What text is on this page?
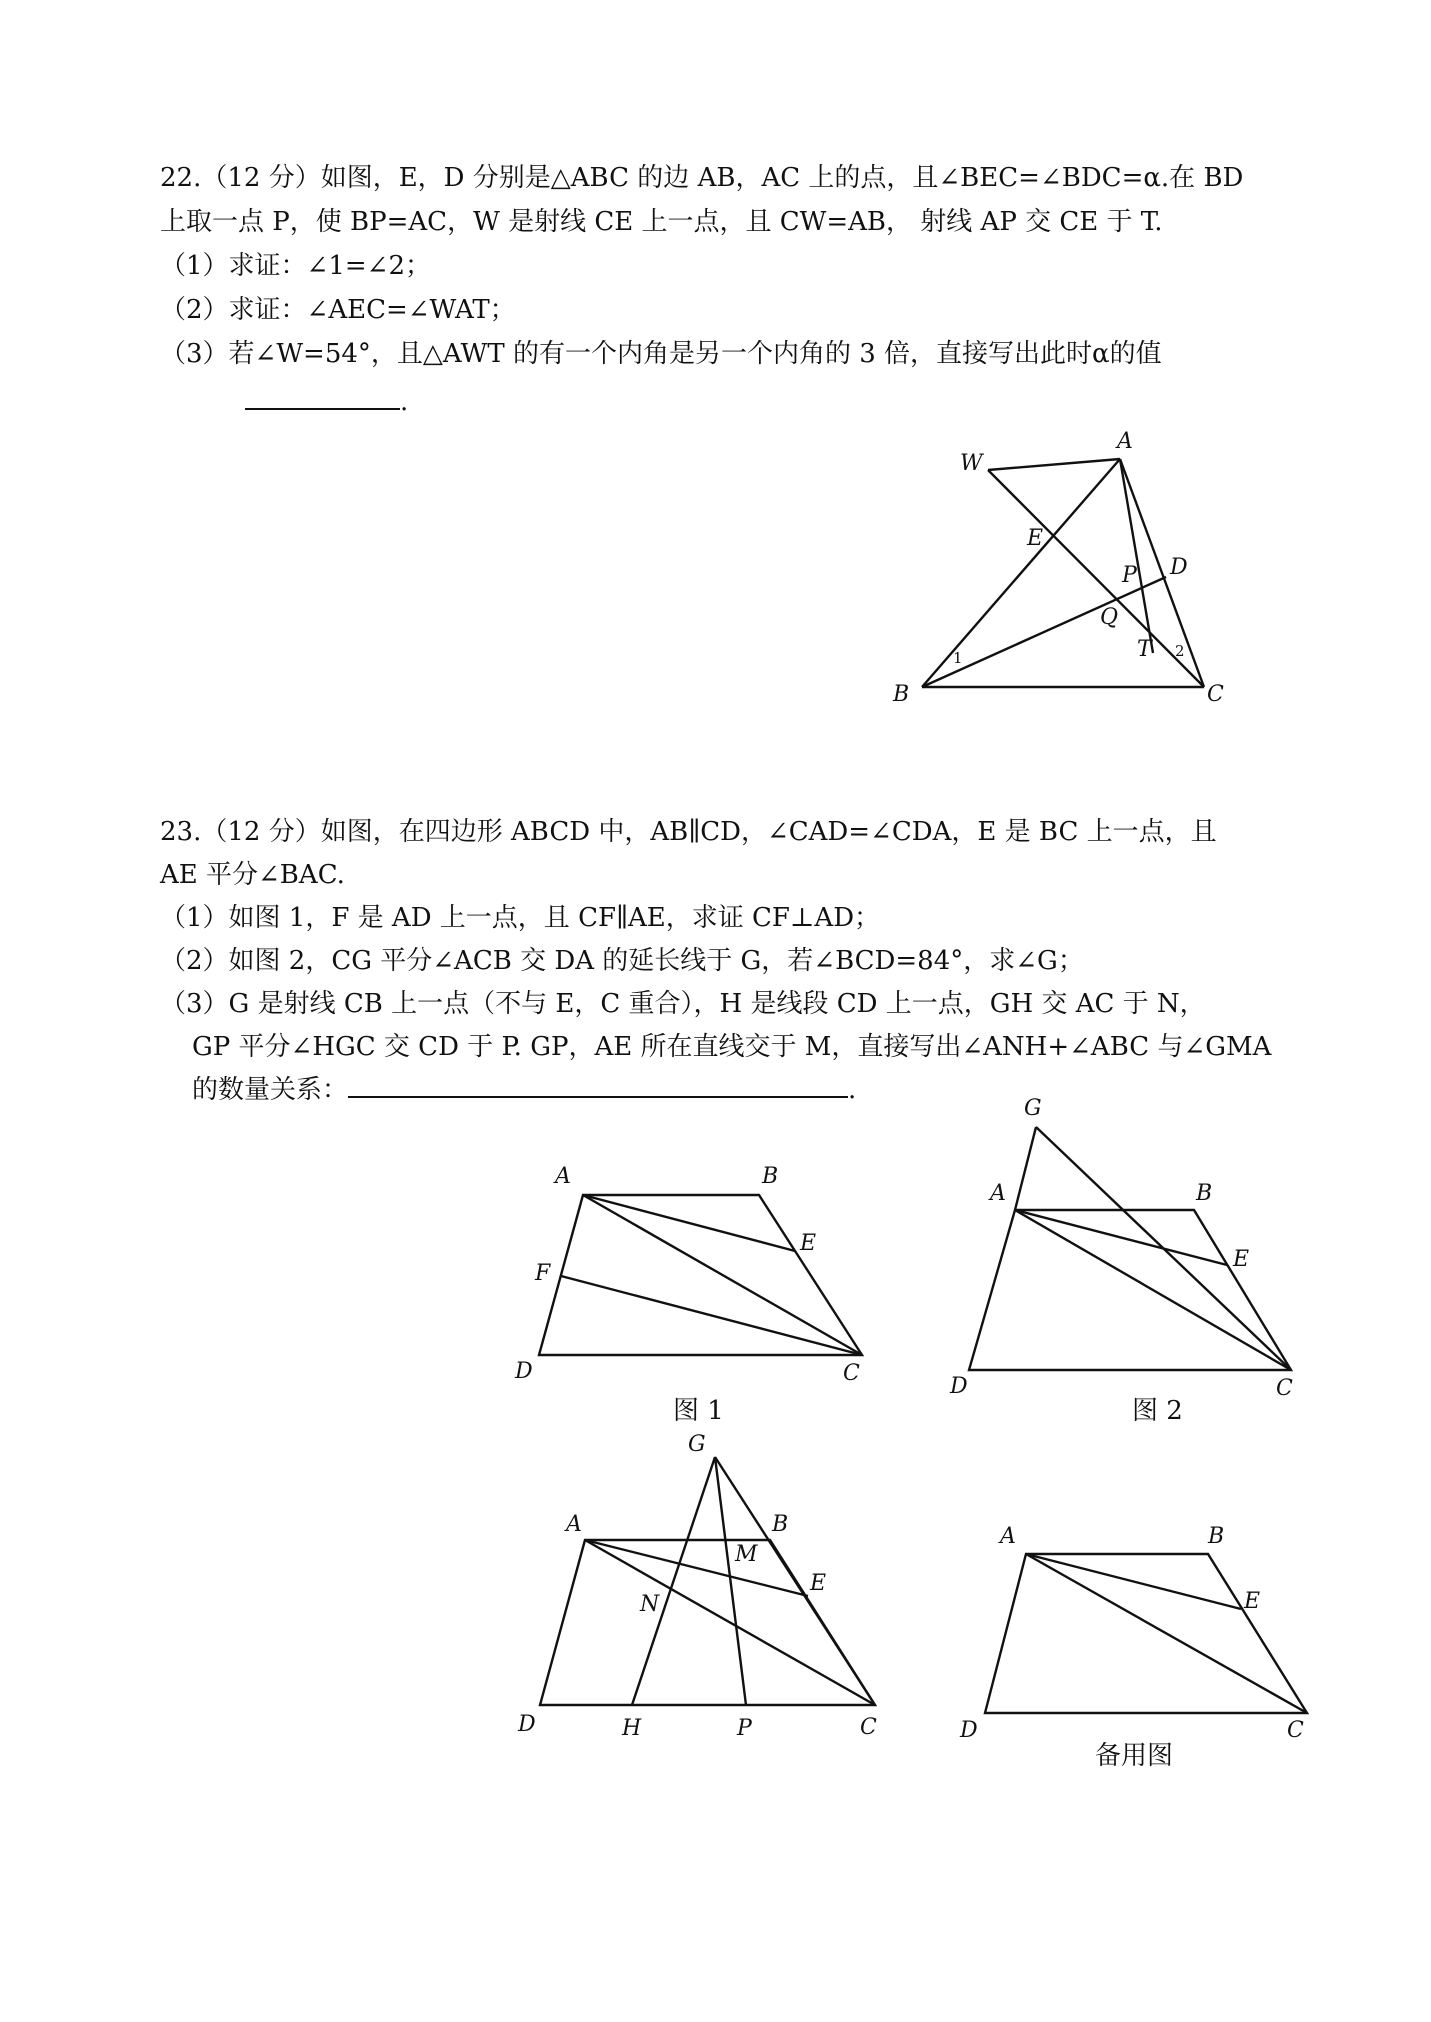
22.（12 分）如图，E，D 分别是△ABC 的边 AB，AC 上的点，且∠BEC=∠BDC=α.在 BD
上取一点 P，使 BP=AC，W 是射线 CE 上一点，且 CW=AB， 射线 AP 交 CE 于 T.
（1）求证：∠1=∠2；
（2）求证：∠AEC=∠WAT；
（3）若∠W=54°，且△AWT 的有一个内角是另一个内角的 3 倍，直接写出此时α的值
.
W
A
E
P D
Q
T 2
1
B	C
23.（12 分）如图，在四边形 ABCD 中，AB∥CD，∠CAD=∠CDA，E 是 BC 上一点，且
AE 平分∠BAC.
（1）如图 1，F 是 AD 上一点，且 CF∥AE，求证 CF⊥AD；
（2）如图 2，CG 平分∠ACB 交 DA 的延长线于 G，若∠BCD=84°，求∠G；
（3）G 是射线 CB 上一点（不与 E，C 重合），H 是线段 CD 上一点，GH 交 AC 于 N，
GP 平分∠HGC 交 CD 于 P. GP，AE 所在直线交于 M，直接写出∠ANH+∠ABC 与∠GMA
的数量关系：	.
A	B
E
F
D	C
G
A	B
E
D	C
G
A	B
M
E
N
D	H	P	C
A	B
E
D	C
图 1	图 2
备用图
